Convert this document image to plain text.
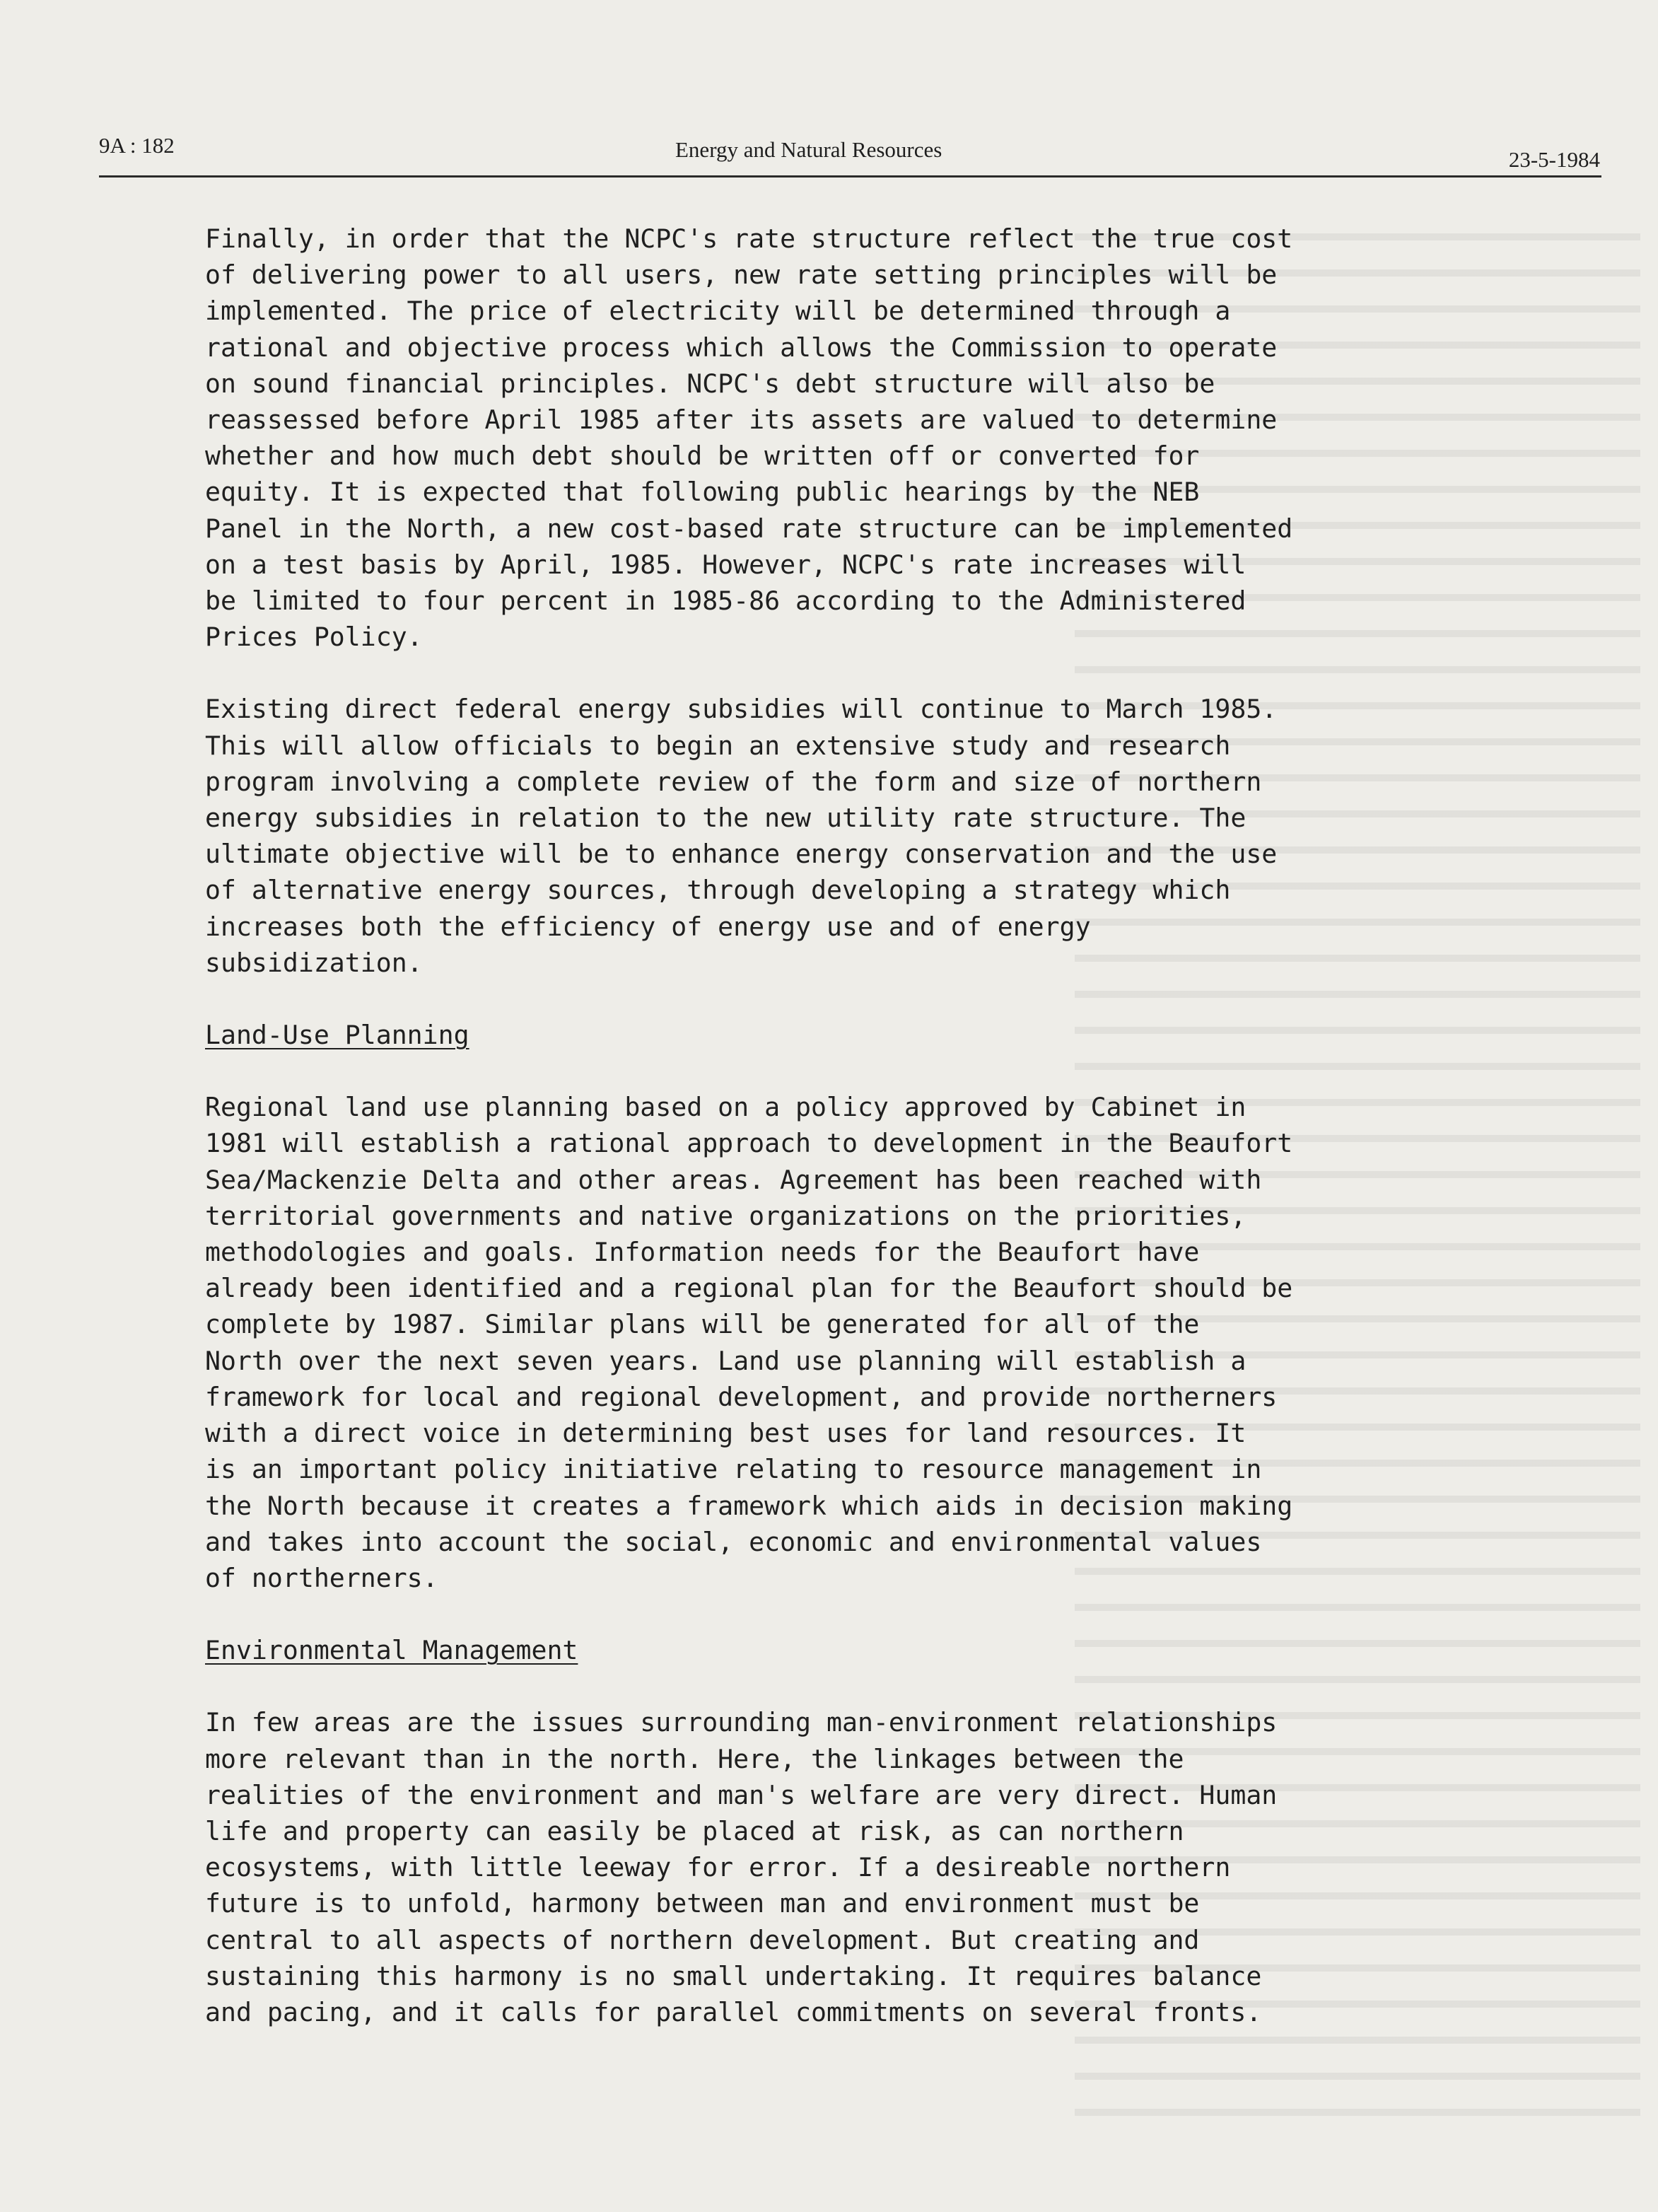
9A : 182	Energy and Natural Resources	23-5-1984

Finally, in order that the NCPC's rate structure reflect the true cost
of delivering power to all users, new rate setting principles will be
implemented. The price of electricity will be determined through a
rational and objective process which allows the Commission to operate
on sound financial principles. NCPC's debt structure will also be
reassessed before April 1985 after its assets are valued to determine
whether and how much debt should be written off or converted for
equity. It is expected that following public hearings by the NEB
Panel in the North, a new cost-based rate structure can be implemented
on a test basis by April, 1985. However, NCPC's rate increases will
be limited to four percent in 1985-86 according to the Administered
Prices Policy.

Existing direct federal energy subsidies will continue to March 1985.
This will allow officials to begin an extensive study and research
program involving a complete review of the form and size of northern
energy subsidies in relation to the new utility rate structure. The
ultimate objective will be to enhance energy conservation and the use
of alternative energy sources, through developing a strategy which
increases both the efficiency of energy use and of energy
subsidization.

Land-Use Planning

Regional land use planning based on a policy approved by Cabinet in
1981 will establish a rational approach to development in the Beaufort
Sea/Mackenzie Delta and other areas. Agreement has been reached with
territorial governments and native organizations on the priorities,
methodologies and goals. Information needs for the Beaufort have
already been identified and a regional plan for the Beaufort should be
complete by 1987. Similar plans will be generated for all of the
North over the next seven years. Land use planning will establish a
framework for local and regional development, and provide northerners
with a direct voice in determining best uses for land resources. It
is an important policy initiative relating to resource management in
the North because it creates a framework which aids in decision making
and takes into account the social, economic and environmental values
of northerners.

Environmental Management

In few areas are the issues surrounding man-environment relationships
more relevant than in the north. Here, the linkages between the
realities of the environment and man's welfare are very direct. Human
life and property can easily be placed at risk, as can northern
ecosystems, with little leeway for error. If a desireable northern
future is to unfold, harmony between man and environment must be
central to all aspects of northern development. But creating and
sustaining this harmony is no small undertaking. It requires balance
and pacing, and it calls for parallel commitments on several fronts.
